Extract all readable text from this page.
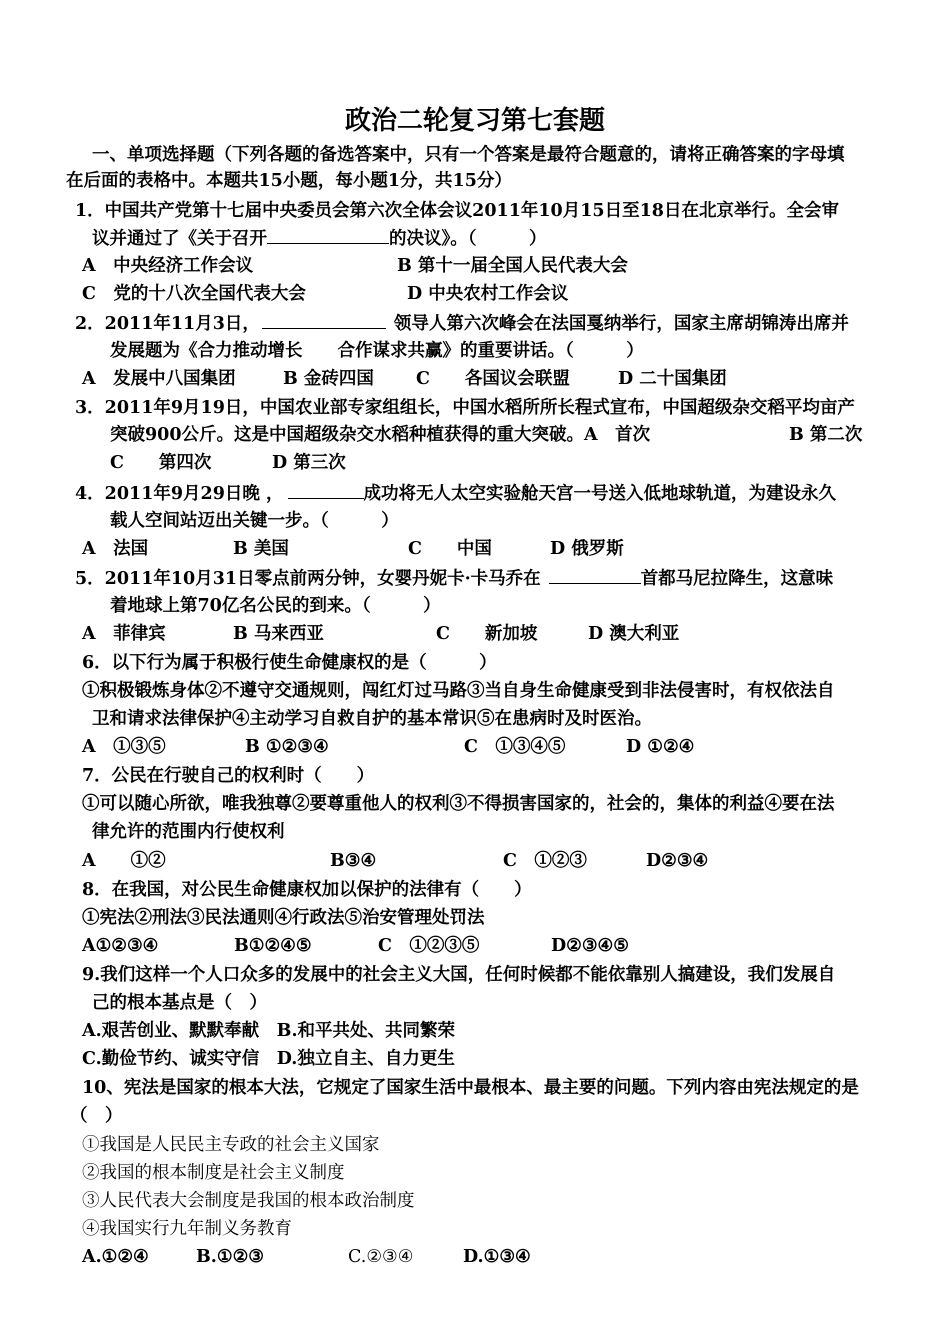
政治二轮复习第七套题
一、单项选择题（下列各题的备选答案中，只有一个答案是最符合题意的，请将正确答案的字母填
在后面的表格中。本题共15小题，每小题1分，共15分）
1．中国共产党第十七届中央委员会第六次全体会议2011年10月15日至18日在北京举行。全会审
议并通过了《关于召开	的决议》。（　　　）
A　中央经济工作会议	B 第十一届全国人民代表大会
C　党的十八次全国代表大会	D 中央农村工作会议
2．2011年11月3日，	领导人第六次峰会在法国戛纳举行，国家主席胡锦涛出席并
发展题为《合力推动增长　　合作谋求共赢》的重要讲话。（　　　）
A　发展中八国集团	B 金砖四国 C　　各国议会联盟	D 二十国集团
3．2011年9月19日，中国农业部专家组组长，中国水稻所所长程式宣布，中国超级杂交稻平均亩产
突破900公斤。这是中国超级杂交水稻种植获得的重大突破。A　首次	B 第二次
C　　第四次	D 第三次
4．2011年9月29日晚 ，	成功将无人太空实验舱天宫一号送入低地球轨道，为建设永久
载人空间站迈出关键一步。（　　　）
A　法国	B 美国	C　　中国	D 俄罗斯
5．2011年10月31日零点前两分钟，女婴丹妮卡·卡马乔在	首都马尼拉降生，这意味
着地球上第70亿名公民的到来。（　　　）
A　菲律宾	B 马来西亚	C　　新加坡	D 澳大利亚
6．以下行为属于积极行使生命健康权的是（　　　）
①积极锻炼身体②不遵守交通规则，闯红灯过马路③当自身生命健康受到非法侵害时，有权依法自
卫和请求法律保护④主动学习自救自护的基本常识⑤在患病时及时医治。
A　①③⑤	B ①②③④	C　①③④⑤	D ①②④
7．公民在行驶自己的权利时（　　）
①可以随心所欲，唯我独尊②要尊重他人的权利③不得损害国家的，社会的，集体的利益④要在法
律允许的范围内行使权利
A　　①②	B③④	C　①②③	D②③④
8．在我国，对公民生命健康权加以保护的法律有（　　）
①宪法②刑法③民法通则④行政法⑤治安管理处罚法
A①②③④	B①②④⑤	C　①②③⑤	D②③④⑤
9.我们这样一个人口众多的发展中的社会主义大国，任何时候都不能依靠别人搞建设，我们发展自
己的根本基点是（　）
A.艰苦创业、默默奉献　B.和平共处、共同繁荣
C.勤俭节约、诚实守信　D.独立自主、自力更生
10、宪法是国家的根本大法，它规定了国家生活中最根本、最主要的问题。下列内容由宪法规定的是
（　）
①我国是人民民主专政的社会主义国家
②我国的根本制度是社会主义制度
③人民代表大会制度是我国的根本政治制度
④我国实行九年制义务教育
A.①②④	B.①②③	C.②③④	D.①③④
